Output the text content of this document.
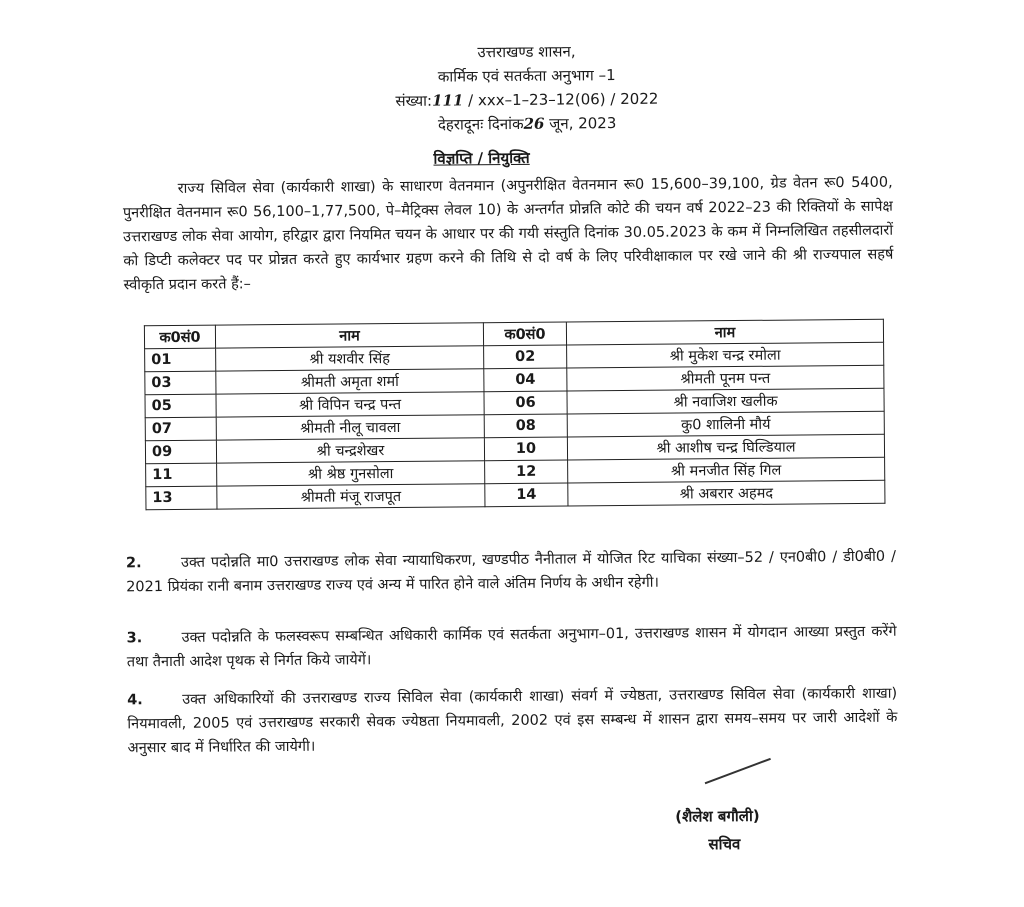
उत्तराखण्ड शासन,
कार्मिक एवं सतर्कता अनुभाग –1
संख्या:111 / xxx–1–23–12(06) / 2022
देहरादूनः दिनांक26 जून, 2023
विज्ञप्ति / नियुक्ति
राज्य सिविल सेवा (कार्यकारी शाखा) के साधारण वेतनमान (अपुनरीक्षित वेतनमान रू0 15,600–39,100, ग्रेड वेतन रू0 5400, पुनरीक्षित वेतनमान रू0 56,100–1,77,500, पे–मैट्रिक्स लेवल 10) के अन्तर्गत प्रोन्नति कोटे की चयन वर्ष 2022–23 की रिक्तियों के सापेक्ष उत्तराखण्ड लोक सेवा आयोग, हरिद्वार द्वारा नियमित चयन के आधार पर की गयी संस्तुति दिनांक 30.05.2023 के कम में निम्नलिखित तहसीलदारों को डिप्टी कलेक्टर पद पर प्रोन्नत करते हुए कार्यभार ग्रहण करने की तिथि से दो वर्ष के लिए परिवीक्षाकाल पर रखे जाने की श्री राज्यपाल सहर्ष स्वीकृति प्रदान करते हैं:–
क0सं0	नाम	क0सं0	नाम
01	श्री यशवीर सिंह	02	श्री मुकेश चन्द्र रमोला
03	श्रीमती अमृता शर्मा	04	श्रीमती पूनम पन्त
05	श्री विपिन चन्द्र पन्त	06	श्री नवाजिश खलीक
07	श्रीमती नीलू चावला	08	कु0 शालिनी मौर्य
09	श्री चन्द्रशेखर	10	श्री आशीष चन्द्र घिल्डियाल
11	श्री श्रेष्ठ गुनसोला	12	श्री मनजीत सिंह गिल
13	श्रीमती मंजू राजपूत	14	श्री अबरार अहमद
2.	उक्त पदोन्नति मा0 उत्तराखण्ड लोक सेवा न्यायाधिकरण, खण्डपीठ नैनीताल में योजित रिट याचिका संख्या–52 / एन0बी0 / डी0बी0 / 2021 प्रियंका रानी बनाम उत्तराखण्ड राज्य एवं अन्य में पारित होने वाले अंतिम निर्णय के अधीन रहेगी।
3.	उक्त पदोन्नति के फलस्वरूप सम्बन्धित अधिकारी कार्मिक एवं सतर्कता अनुभाग–01, उत्तराखण्ड शासन में योगदान आख्या प्रस्तुत करेंगे तथा तैनाती आदेश पृथक से निर्गत किये जायेगें।
4.	उक्त अधिकारियों की उत्तराखण्ड राज्य सिविल सेवा (कार्यकारी शाखा) संवर्ग में ज्येष्ठता, उत्तराखण्ड सिविल सेवा (कार्यकारी शाखा) नियमावली, 2005 एवं उत्तराखण्ड सरकारी सेवक ज्येष्ठता नियमावली, 2002 एवं इस सम्बन्ध में शासन द्वारा समय–समय पर जारी आदेशों के अनुसार बाद में निर्धारित की जायेगी।
(शैलेश बगौली)
सचिव
